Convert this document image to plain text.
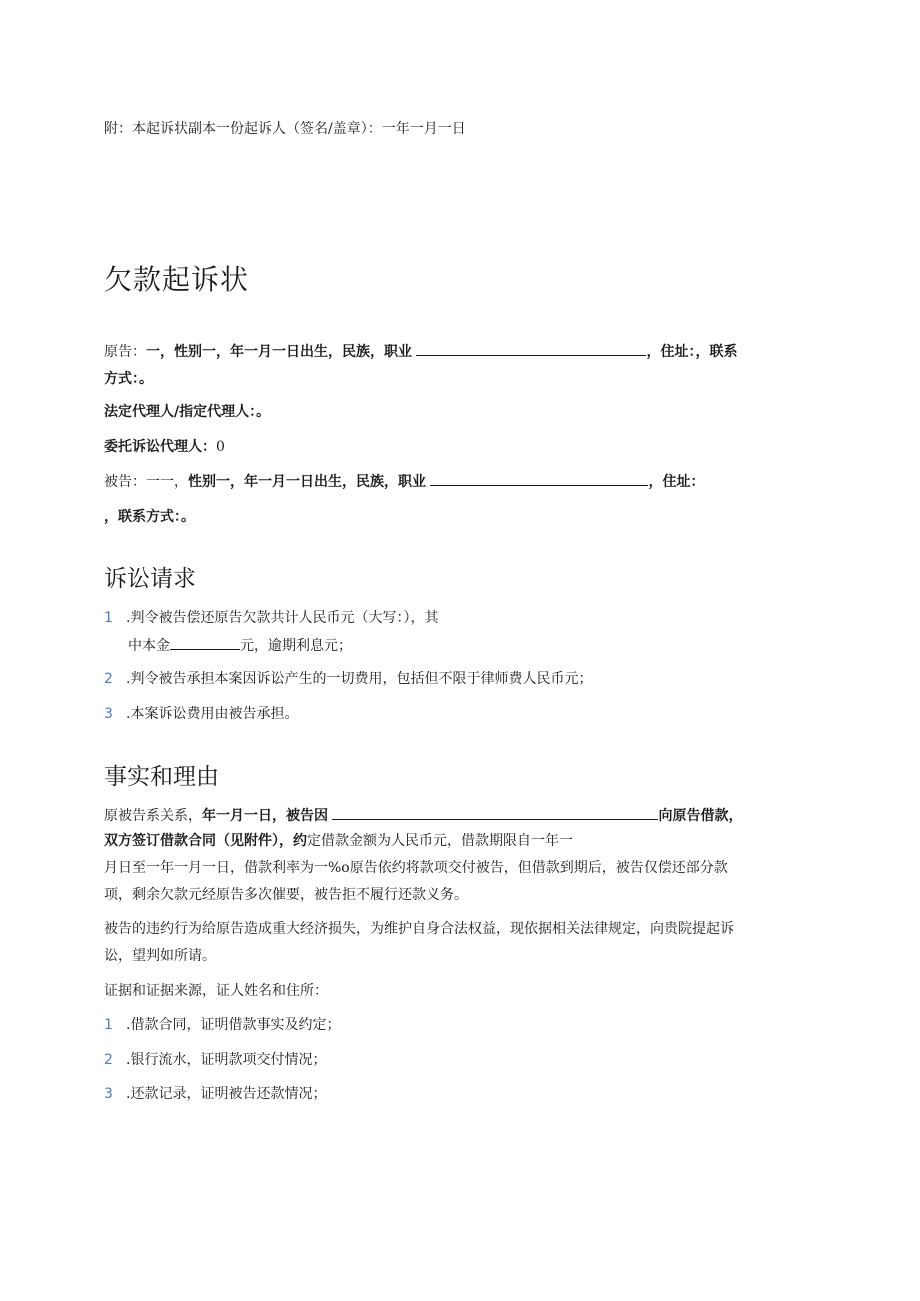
附：本起诉状副本一份起诉人（签名/盖章）：一年一月一日
欠款起诉状
原告：一，性别一，年一月一日出生，民族，职业	，住址：，联系
方式：。
法定代理人/指定代理人：。
委托诉讼代理人：0
被告：一一，性别一，年一月一日出生，民族，职业	，住址：
，联系方式：。
诉讼请求
1 .判令被告偿还原告欠款共计人民币元（大写：），其
中本金	元，逾期利息元；
2 .判令被告承担本案因诉讼产生的一切费用，包括但不限于律师费人民币元；
3 .本案诉讼费用由被告承担。
事实和理由
原被告系关系，年一月一日，被告因	向原告借款，
双方签订借款合同（见附件），约定借款金额为人民币元，借款期限自一年一
月日至一年一月一日，借款利率为一%o原告依约将款项交付被告，但借款到期后，被告仅偿还部分款
项，剩余欠款元经原告多次催要，被告拒不履行还款义务。
被告的违约行为给原告造成重大经济损失，为维护自身合法权益，现依据相关法律规定，向贵院提起诉
讼，望判如所请。
证据和证据来源，证人姓名和住所：
1 .借款合同，证明借款事实及约定；
2 .银行流水，证明款项交付情况；
3 .还款记录，证明被告还款情况；
